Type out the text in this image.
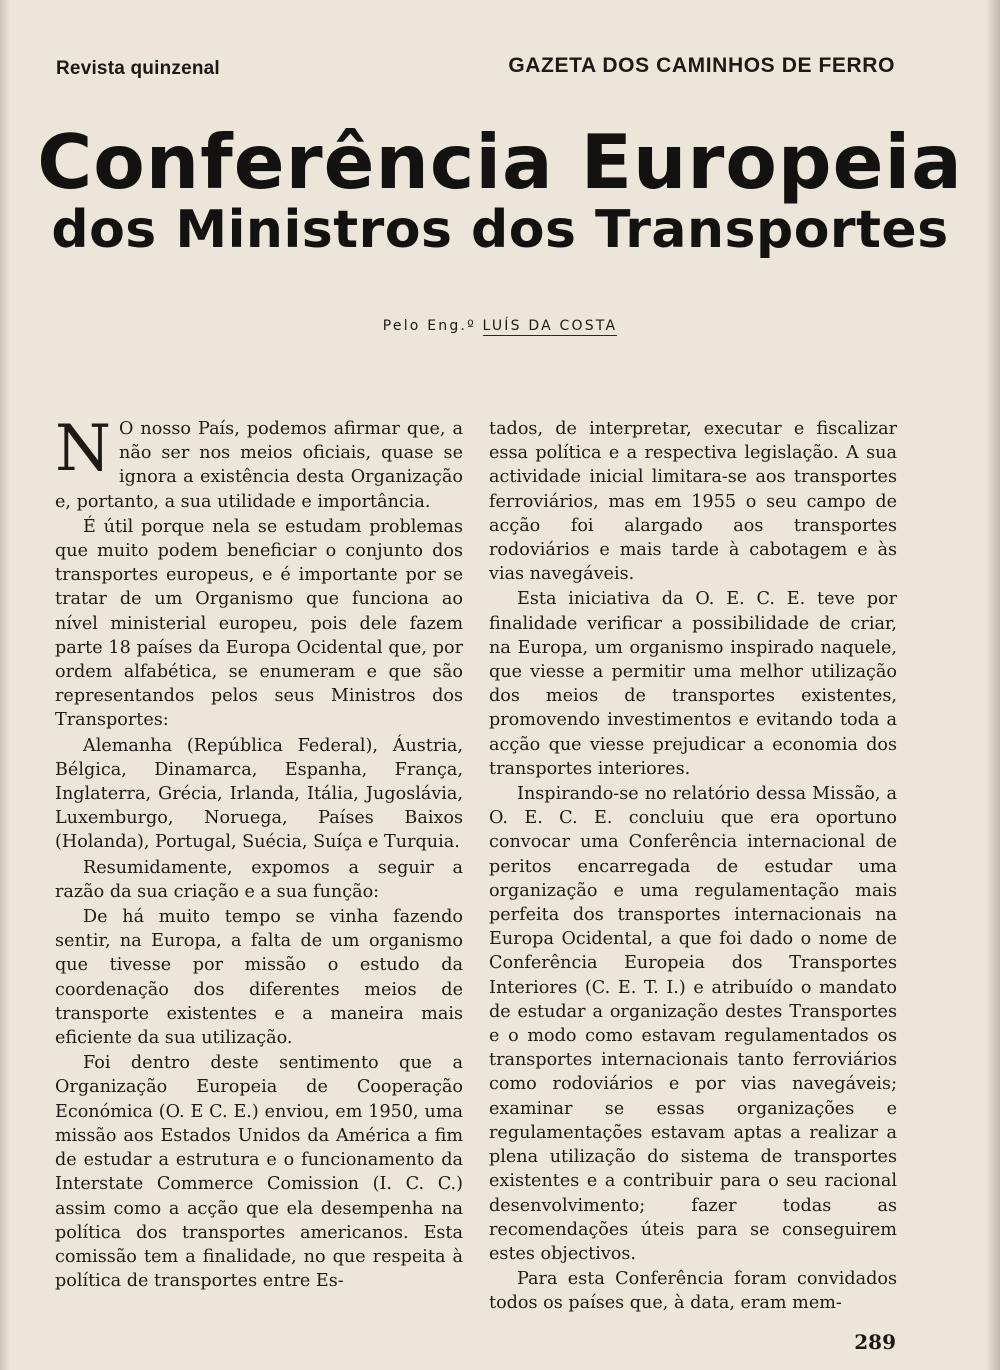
Revista quinzenal	GAZETA DOS CAMINHOS DE FERRO
Conferência Europeia
dos Ministros dos Transportes
Pelo Eng.º LUÍS DA COSTA

N O nosso País, podemos afirmar que, a não ser nos meios oficiais, quase se ignora a existência desta Organização e, portanto, a sua utilidade e importância.

É útil porque nela se estudam problemas que muito podem beneficiar o conjunto dos transportes europeus, e é importante por se tratar de um Organismo que funciona ao nível ministerial europeu, pois dele fazem parte 18 países da Europa Ocidental que, por ordem alfabética, se enumeram e que são representandos pelos seus Ministros dos Transportes:

Alemanha (República Federal), Áustria, Bélgica, Dinamarca, Espanha, França, Inglaterra, Grécia, Irlanda, Itália, Jugoslávia, Luxemburgo, Noruega, Países Baixos (Holanda), Portugal, Suécia, Suíça e Turquia.

Resumidamente, expomos a seguir a razão da sua criação e a sua função:

De há muito tempo se vinha fazendo sentir, na Europa, a falta de um organismo que tivesse por missão o estudo da coordenação dos diferentes meios de transporte existentes e a maneira mais eficiente da sua utilização.

Foi dentro deste sentimento que a Organização Europeia de Cooperação Económica (O. E C. E.) enviou, em 1950, uma missão aos Estados Unidos da América a fim de estudar a estrutura e o funcionamento da Interstate Commerce Comission (I. C. C.) assim como a acção que ela desempenha na política dos transportes americanos. Esta comissão tem a finalidade, no que respeita à política de transportes entre Es-

tados, de interpretar, executar e fiscalizar essa política e a respectiva legislação. A sua actividade inicial limitara-se aos transportes ferroviários, mas em 1955 o seu campo de acção foi alargado aos transportes rodoviários e mais tarde à cabotagem e às vias navegáveis.

Esta iniciativa da O. E. C. E. teve por finalidade verificar a possibilidade de criar, na Europa, um organismo inspirado naquele, que viesse a permitir uma melhor utilização dos meios de transportes existentes, promovendo investimentos e evitando toda a acção que viesse prejudicar a economia dos transportes interiores.

Inspirando-se no relatório dessa Missão, a O. E. C. E. concluiu que era oportuno convocar uma Conferência internacional de peritos encarregada de estudar uma organização e uma regulamentação mais perfeita dos transportes internacionais na Europa Ocidental, a que foi dado o nome de Conferência Europeia dos Transportes Interiores (C. E. T. I.) e atribuído o mandato de estudar a organização destes Transportes e o modo como estavam regulamentados os transportes internacionais tanto ferroviários como rodoviários e por vias navegáveis; examinar se essas organizações e regulamentações estavam aptas a realizar a plena utilização do sistema de transportes existentes e a contribuir para o seu racional desenvolvimento; fazer todas as recomendações úteis para se conseguirem estes objectivos.

Para esta Conferência foram convidados todos os países que, à data, eram mem-

289
